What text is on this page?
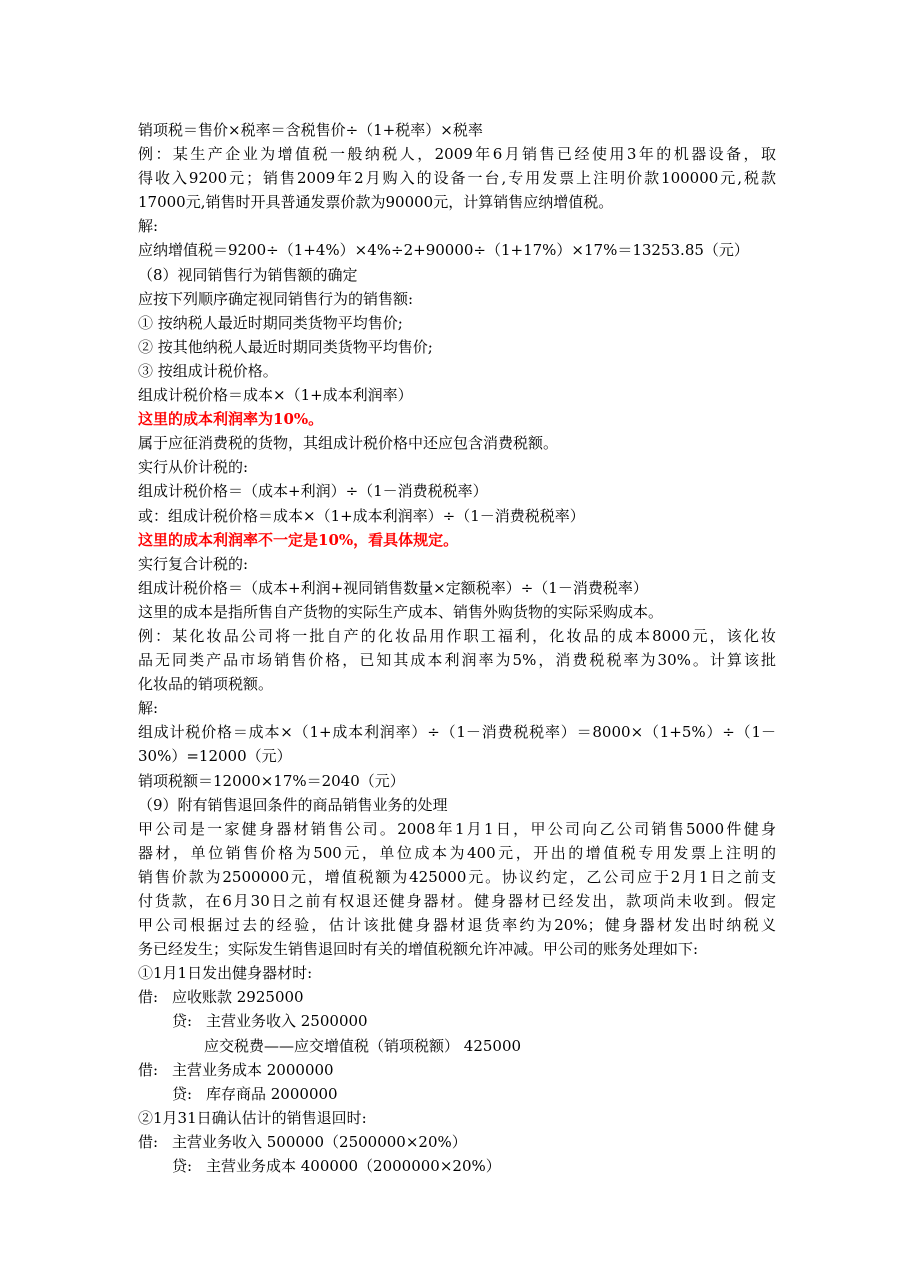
销项税＝售价×税率＝含税售价÷（1+税率）×税率
例：某生产企业为增值税一般纳税人，2009年6月销售已经使用3年的机器设备，取
得收入9200元；销售2009年2月购入的设备一台,专用发票上注明价款100000元,税款
17000元,销售时开具普通发票价款为90000元，计算销售应纳增值税。
解:
应纳增值税＝9200÷（1+4%）×4%÷2+90000÷（1+17%）×17%＝13253.85（元）
（8）视同销售行为销售额的确定
应按下列顺序确定视同销售行为的销售额:
① 按纳税人最近时期同类货物平均售价;
② 按其他纳税人最近时期同类货物平均售价;
③ 按组成计税价格。
组成计税价格＝成本×（1+成本利润率）
这里的成本利润率为10%。
属于应征消费税的货物，其组成计税价格中还应包含消费税额。
实行从价计税的:
组成计税价格＝（成本+利润）÷（1－消费税税率）
或：组成计税价格＝成本×（1+成本利润率）÷（1－消费税税率）
这里的成本利润率不一定是10%，看具体规定。
实行复合计税的:
组成计税价格＝（成本+利润+视同销售数量×定额税率）÷（1－消费税率）
这里的成本是指所售自产货物的实际生产成本、销售外购货物的实际采购成本。
例：某化妆品公司将一批自产的化妆品用作职工福利，化妆品的成本8000元，该化妆
品无同类产品市场销售价格，已知其成本利润率为5%，消费税税率为30%。计算该批
化妆品的销项税额。
解:
组成计税价格＝成本×（1+成本利润率）÷（1－消费税税率）＝8000×（1+5%）÷（1－
30%）=12000（元）
销项税额＝12000×17%＝2040（元）
（9）附有销售退回条件的商品销售业务的处理
甲公司是一家健身器材销售公司。2008年1月1日，甲公司向乙公司销售5000件健身
器材，单位销售价格为500元，单位成本为400元，开出的增值税专用发票上注明的
销售价款为2500000元，增值税额为425000元。协议约定，乙公司应于2月1日之前支
付货款，在6月30日之前有权退还健身器材。健身器材已经发出，款项尚未收到。假定
甲公司根据过去的经验，估计该批健身器材退货率约为20%；健身器材发出时纳税义
务已经发生；实际发生销售退回时有关的增值税额允许冲减。甲公司的账务处理如下:
①1月1日发出健身器材时:
借: 应收账款 2925000
贷: 主营业务收入 2500000
应交税费——应交增值税（销项税额） 425000
借: 主营业务成本 2000000
贷: 库存商品 2000000
②1月31日确认估计的销售退回时:
借: 主营业务收入 500000（2500000×20%）
贷: 主营业务成本 400000（2000000×20%）
